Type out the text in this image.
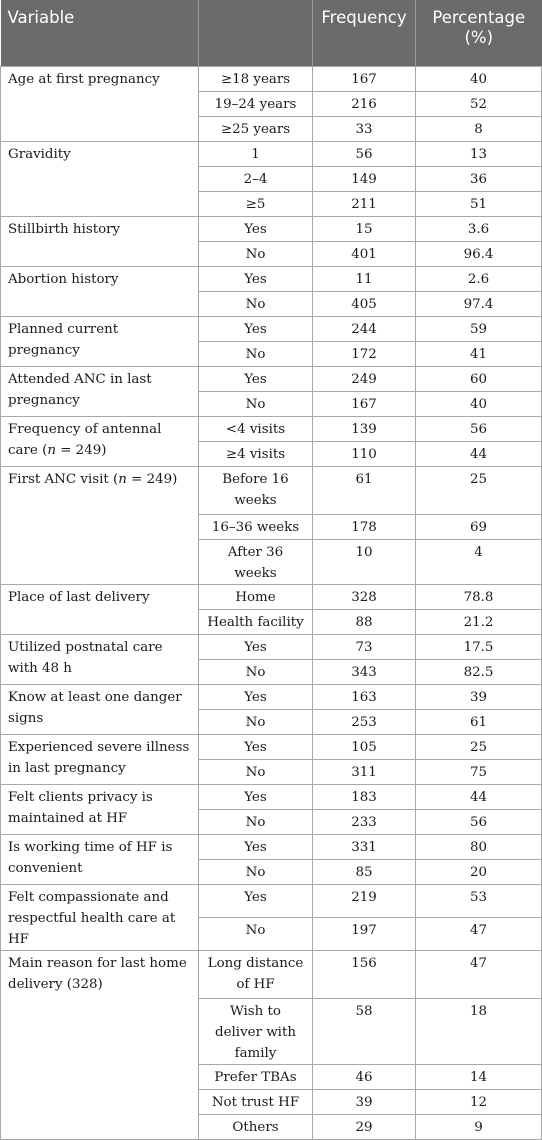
Variable		Frequency	Percentage (%)
Age at first pregnancy	≥18 years	167	40
	19–24 years	216	52
	≥25 years	33	8
Gravidity	1	56	13
	2–4	149	36
	≥5	211	51
Stillbirth history	Yes	15	3.6
	No	401	96.4
Abortion history	Yes	11	2.6
	No	405	97.4
Planned current pregnancy	Yes	244	59
	No	172	41
Attended ANC in last pregnancy	Yes	249	60
	No	167	40
Frequency of antennal care (n = 249)	<4 visits	139	56
	≥4 visits	110	44
First ANC visit (n = 249)	Before 16 weeks	61	25
	16–36 weeks	178	69
	After 36 weeks	10	4
Place of last delivery	Home	328	78.8
	Health facility	88	21.2
Utilized postnatal care with 48 h	Yes	73	17.5
	No	343	82.5
Know at least one danger signs	Yes	163	39
	No	253	61
Experienced severe illness in last pregnancy	Yes	105	25
	No	311	75
Felt clients privacy is maintained at HF	Yes	183	44
	No	233	56
Is working time of HF is convenient	Yes	331	80
	No	85	20
Felt compassionate and respectful health care at HF	Yes	219	53
	No	197	47
Main reason for last home delivery (328)	Long distance of HF	156	47
	Wish to deliver with family	58	18
	Prefer TBAs	46	14
	Not trust HF	39	12
	Others	29	9
